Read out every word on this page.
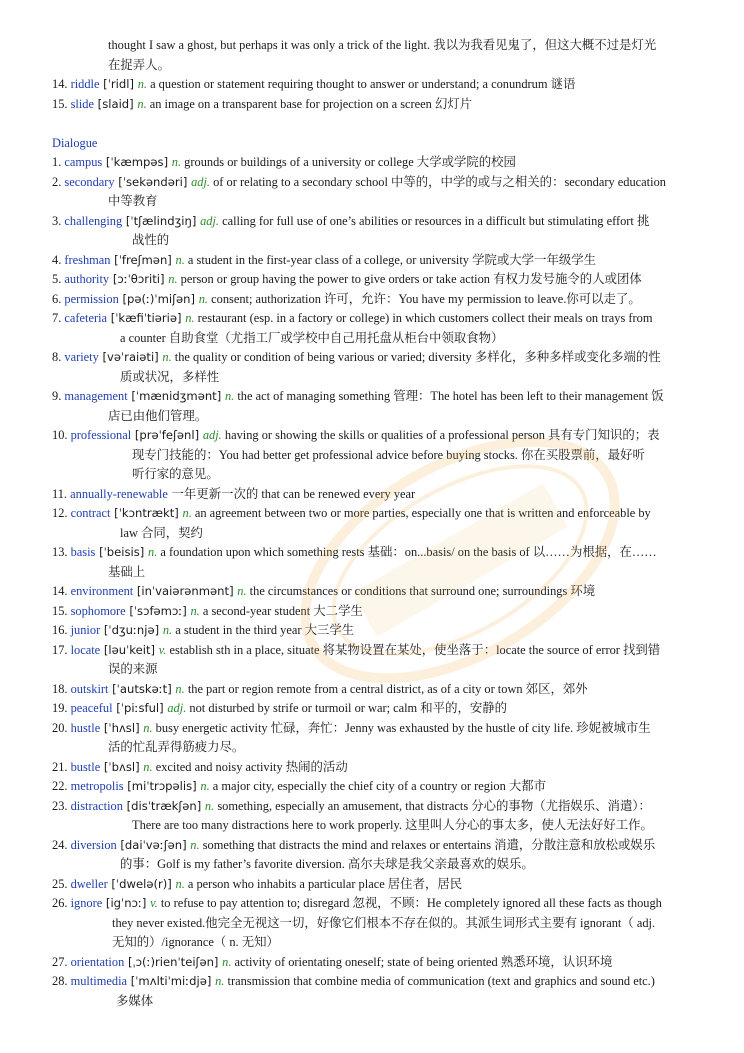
thought I saw a ghost, but perhaps it was only a trick of the light. 我以为我看见鬼了，但这大概不过是灯光
在捉弄人。
14. riddle [ˈridl] n. a question or statement requiring thought to answer or understand; a conundrum 谜语
15. slide [slaid] n. an image on a transparent base for projection on a screen 幻灯片
Dialogue
1. campus [ˈkæmpəs] n. grounds or buildings of a university or college 大学或学院的校园
2. secondary [ˈsekəndəri] adj. of or relating to a secondary school 中等的，中学的或与之相关的：secondary education
中等教育
3. challenging [ˈtʃælindʒiŋ] adj. calling for full use of one’s abilities or resources in a difficult but stimulating effort 挑
战性的
4. freshman [ˈfreʃmən] n. a student in the first-year class of a college, or university 学院或大学一年级学生
5. authority [ɔːˈθɔriti] n. person or group having the power to give orders or take action 有权力发号施令的人或团体
6. permission [pə(ː)ˈmiʃən] n. consent; authorization 许可，允许：You have my permission to leave.你可以走了。
7. cafeteria [ˈkæfiˈtiəriə] n. restaurant (esp. in a factory or college) in which customers collect their meals on trays from
a counter 自助食堂（尤指工厂或学校中自己用托盘从柜台中领取食物）
8. variety [vəˈraiəti] n. the quality or condition of being various or varied; diversity 多样化，多种多样或变化多端的性
质或状况，多样性
9. management [ˈmænidʒmənt] n. the act of managing something 管理：The hotel has been left to their management 饭
店已由他们管理。
10. professional [prəˈfeʃənl] adj. having or showing the skills or qualities of a professional person 具有专门知识的；表
现专门技能的：You had better get professional advice before buying stocks. 你在买股票前，最好听
听行家的意见。
11. annually-renewable 一年更新一次的 that can be renewed every year
12. contract [ˈkɔntrækt] n. an agreement between two or more parties, especially one that is written and enforceable by
law 合同，契约
13. basis [ˈbeisis] n. a foundation upon which something rests 基础：on...basis/ on the basis of 以……为根据，在……
基础上
14. environment [inˈvaiərənmənt] n. the circumstances or conditions that surround one; surroundings 环境
15. sophomore [ˈsɔfəmɔː] n. a second-year student 大二学生
16. junior [ˈdʒuːnjə] n. a student in the third year 大三学生
17. locate [ləuˈkeit] v. establish sth in a place, situate 将某物设置在某处，使坐落于：locate the source of error 找到错
误的来源
18. outskirt [ˈautskəːt] n. the part or region remote from a central district, as of a city or town 郊区，郊外
19. peaceful [ˈpiːsful] adj. not disturbed by strife or turmoil or war; calm 和平的，安静的
20. hustle [ˈhʌsl] n. busy energetic activity 忙碌，奔忙：Jenny was exhausted by the hustle of city life. 珍妮被城市生
活的忙乱弄得筋疲力尽。
21. bustle [ˈbʌsl] n. excited and noisy activity 热闹的活动
22. metropolis [miˈtrɔpəlis] n. a major city, especially the chief city of a country or region 大都市
23. distraction [disˈtrækʃən] n. something, especially an amusement, that distracts 分心的事物（尤指娱乐、消遣）：
There are too many distractions here to work properly. 这里叫人分心的事太多，使人无法好好工作。
24. diversion [daiˈvəːʃən] n. something that distracts the mind and relaxes or entertains 消遣，分散注意和放松或娱乐
的事：Golf is my father’s favorite diversion. 高尔夫球是我父亲最喜欢的娱乐。
25. dweller [ˈdwelə(r)] n. a person who inhabits a particular place 居住者，居民
26. ignore [igˈnɔː] v. to refuse to pay attention to; disregard 忽视，不顾：He completely ignored all these facts as though
they never existed.他完全无视这一切，好像它们根本不存在似的。其派生词形式主要有 ignorant（ adj.
无知的）/ignorance（ n. 无知）
27. orientation [ˌɔ(ː)rienˈteiʃən] n. activity of orientating oneself; state of being oriented 熟悉环境，认识环境
28. multimedia [ˈmʌltiˈmiːdjə] n. transmission that combine media of communication (text and graphics and sound etc.)
多媒体
